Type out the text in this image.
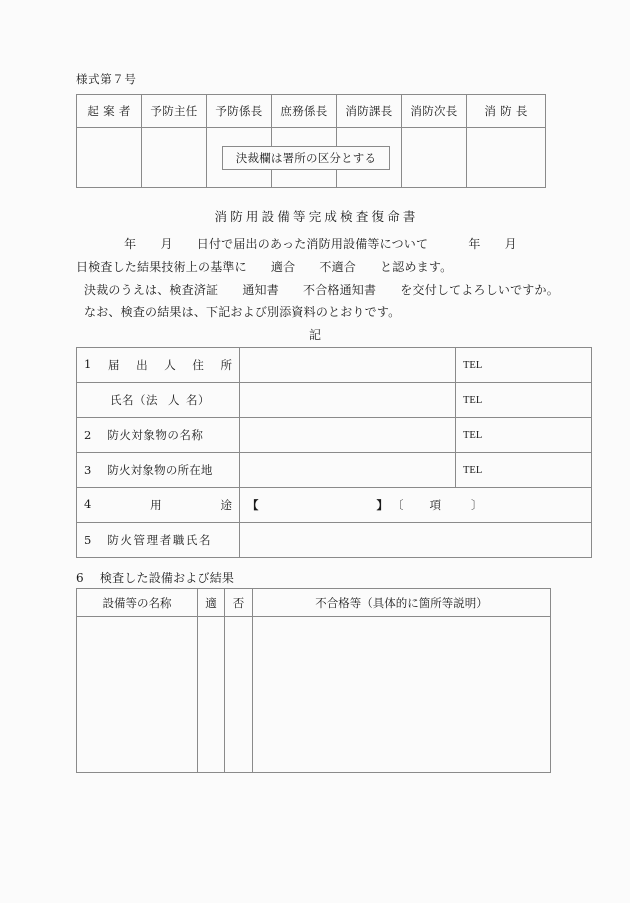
様式第７号
起 案 者	予防主任	予防係長	庶務係長	消防課長	消防次長	消 防 長

決裁欄は署所の区分とする
消防用設備等完成検査復命書
年      月      日付で届出のあった消防用設備等について          年      月
日検査した結果技術上の基準に      適合      不適合      と認めます。
決裁のうえは、検査済証      通知書      不合格通知書      を交付してよろしいですか。
なお、検査の結果は、下記および別添資料のとおりです。
記
1 届 出 人 住 所		TEL
氏名（法 人 名）		TEL
2 防火対象物の名称		TEL
3 防火対象物の所在地		TEL

4 用 途	【 】 〔 項 〕	

5 防火管理者職氏名		
6    検査した設備および結果
設備等の名称	適	否	不合格等（具体的に箇所等説明）
